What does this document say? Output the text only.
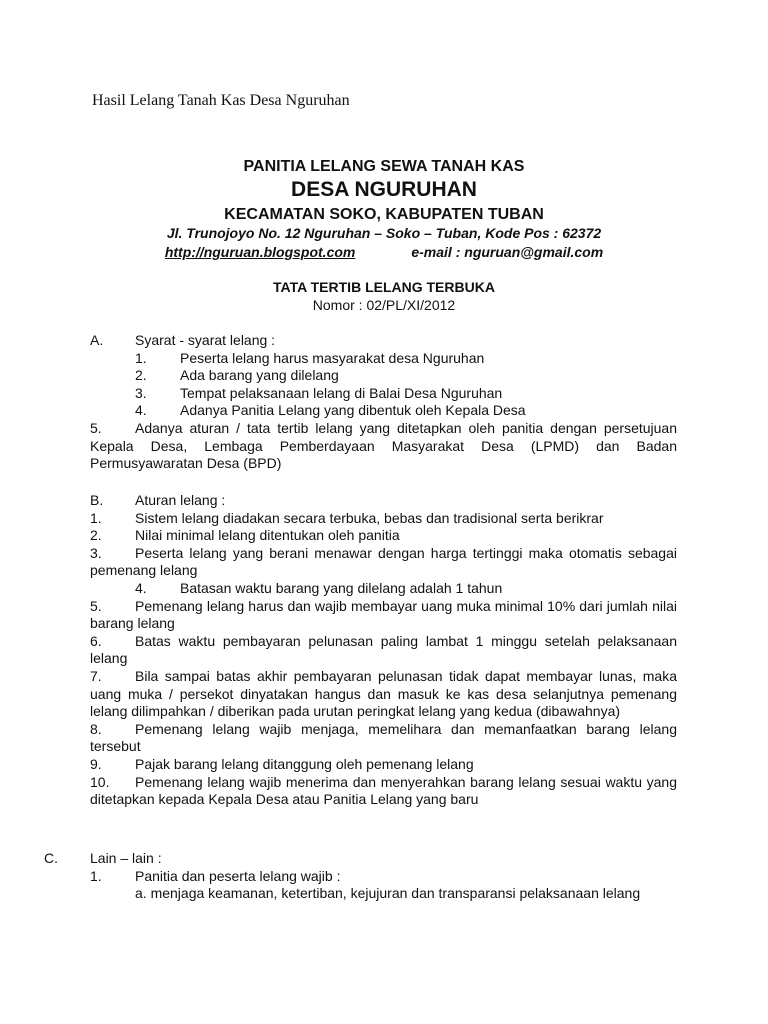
Hasil Lelang Tanah Kas Desa Nguruhan
PANITIA LELANG SEWA TANAH KAS
DESA NGURUHAN
KECAMATAN SOKO, KABUPATEN TUBAN
Jl. Trunojoyo No. 12 Nguruhan – Soko – Tuban, Kode Pos : 62372
http://nguruan.blogspot.com	e-mail : nguruan@gmail.com
TATA TERTIB LELANG TERBUKA
Nomor : 02/PL/XI/2012
A. Syarat - syarat lelang :
1. Peserta lelang harus masyarakat desa Nguruhan
2. Ada barang yang dilelang
3. Tempat pelaksanaan lelang di Balai Desa Nguruhan
4. Adanya Panitia Lelang yang dibentuk oleh Kepala Desa
5. Adanya aturan / tata tertib lelang yang ditetapkan oleh panitia dengan persetujuan Kepala Desa, Lembaga Pemberdayaan Masyarakat Desa (LPMD) dan Badan Permusyawaratan Desa (BPD)
B. Aturan lelang :
1. Sistem lelang diadakan secara terbuka, bebas dan tradisional serta berikrar
2. Nilai minimal lelang ditentukan oleh panitia
3. Peserta lelang yang berani menawar dengan harga tertinggi maka otomatis sebagai pemenang lelang
4. Batasan waktu barang yang dilelang adalah 1 tahun
5. Pemenang lelang harus dan wajib membayar uang muka minimal 10% dari jumlah nilai barang lelang
6. Batas waktu pembayaran pelunasan paling lambat 1 minggu setelah pelaksanaan lelang
7. Bila sampai batas akhir pembayaran pelunasan tidak dapat membayar lunas, maka uang muka / persekot dinyatakan hangus dan masuk ke kas desa selanjutnya pemenang lelang dilimpahkan / diberikan pada urutan peringkat lelang yang kedua (dibawahnya)
8. Pemenang lelang wajib menjaga, memelihara dan memanfaatkan barang lelang tersebut
9. Pajak barang lelang ditanggung oleh pemenang lelang
10. Pemenang lelang wajib menerima dan menyerahkan barang lelang sesuai waktu yang ditetapkan kepada Kepala Desa atau Panitia Lelang yang baru
C. Lain – lain :
1. Panitia dan peserta lelang wajib :
a. menjaga keamanan, ketertiban, kejujuran dan transparansi pelaksanaan lelang
